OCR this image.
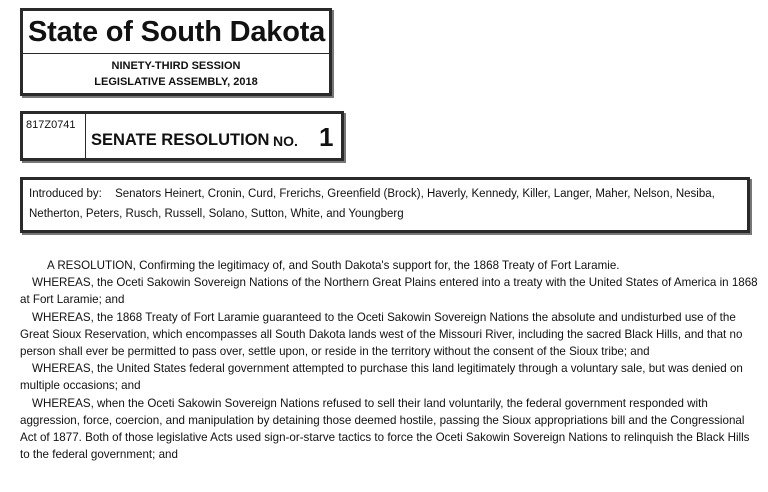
State of South Dakota
NINETY-THIRD SESSION
LEGISLATIVE ASSEMBLY, 2018
817Z0741
SENATE RESOLUTION NO. 1
Introduced by: Senators Heinert, Cronin, Curd, Frerichs, Greenfield (Brock), Haverly, Kennedy, Killer, Langer, Maher, Nelson, Nesiba, Netherton, Peters, Rusch, Russell, Solano, Sutton, White, and Youngberg

A RESOLUTION, Confirming the legitimacy of, and South Dakota's support for, the 1868 Treaty of Fort Laramie.

WHEREAS, the Oceti Sakowin Sovereign Nations of the Northern Great Plains entered into a treaty with the United States of America in 1868 at Fort Laramie; and

WHEREAS, the 1868 Treaty of Fort Laramie guaranteed to the Oceti Sakowin Sovereign Nations the absolute and undisturbed use of the Great Sioux Reservation, which encompasses all South Dakota lands west of the Missouri River, including the sacred Black Hills, and that no person shall ever be permitted to pass over, settle upon, or reside in the territory without the consent of the Sioux tribe; and

WHEREAS, the United States federal government attempted to purchase this land legitimately through a voluntary sale, but was denied on multiple occasions; and

WHEREAS, when the Oceti Sakowin Sovereign Nations refused to sell their land voluntarily, the federal government responded with aggression, force, coercion, and manipulation by detaining those deemed hostile, passing the Sioux appropriations bill and the Congressional Act of 1877. Both of those legislative Acts used sign-or-starve tactics to force the Oceti Sakowin Sovereign Nations to relinquish the Black Hills to the federal government; and
